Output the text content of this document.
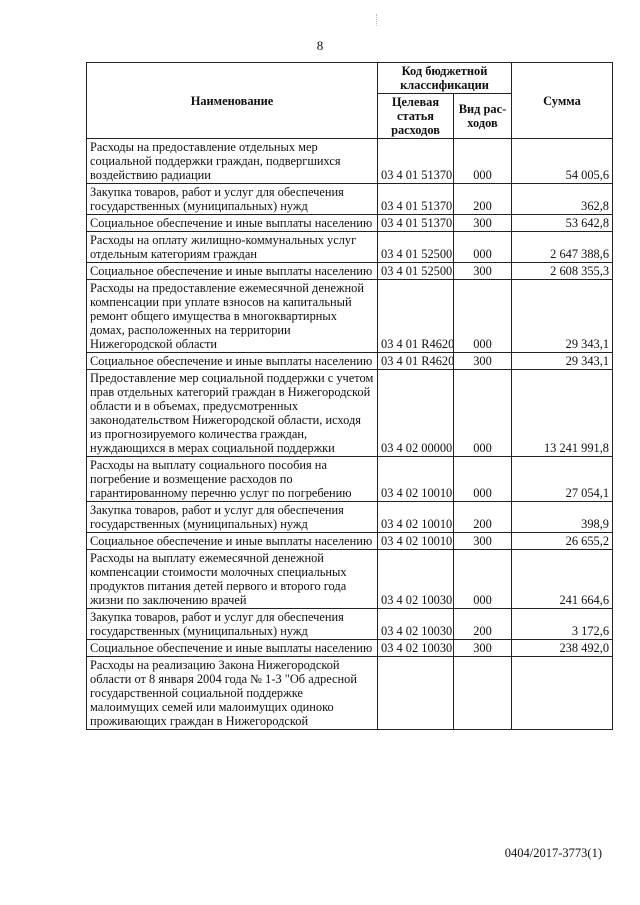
8
Наименование	Код бюджетной классификации		Сумма
	Целевая статья расходов	Вид рас-ходов	
Расходы на предоставление отдельных мер социальной поддержки граждан, подвергшихся воздействию радиации	03 4 01 51370	000	54 005,6
Закупка товаров, работ и услуг для обеспечения государственных (муниципальных) нужд	03 4 01 51370	200	362,8
Социальное обеспечение и иные выплаты населению	03 4 01 51370	300	53 642,8
Расходы на оплату жилищно-коммунальных услуг отдельным категориям граждан	03 4 01 52500	000	2 647 388,6
Социальное обеспечение и иные выплаты населению	03 4 01 52500	300	2 608 355,3
Расходы на предоставление ежемесячной денежной компенсации при уплате взносов на капитальный ремонт общего имущества в многоквартирных домах, расположенных на территории Нижегородской области	03 4 01 R4620	000	29 343,1
Социальное обеспечение и иные выплаты населению	03 4 01 R4620	300	29 343,1
Предоставление мер социальной поддержки с учетом прав отдельных категорий граждан в Нижегородской области и в объемах, предусмотренных законодательством Нижегородской области, исходя из прогнозируемого количества граждан, нуждающихся в мерах социальной поддержки	03 4 02 00000	000	13 241 991,8
Расходы на выплату социального пособия на погребение и возмещение расходов по гарантированному перечню услуг по погребению	03 4 02 10010	000	27 054,1
Закупка товаров, работ и услуг для обеспечения государственных (муниципальных) нужд	03 4 02 10010	200	398,9
Социальное обеспечение и иные выплаты населению	03 4 02 10010	300	26 655,2
Расходы на выплату ежемесячной денежной компенсации стоимости молочных специальных продуктов питания детей первого и второго года жизни по заключению врачей	03 4 02 10030	000	241 664,6
Закупка товаров, работ и услуг для обеспечения государственных (муниципальных) нужд	03 4 02 10030	200	3 172,6
Социальное обеспечение и иные выплаты населению	03 4 02 10030	300	238 492,0
Расходы на реализацию Закона Нижегородской области от 8 января 2004 года № 1-З "Об адресной государственной социальной поддержке малоимущих семей или малоимущих одиноко проживающих граждан в Нижегородской			
0404/2017-3773(1)
